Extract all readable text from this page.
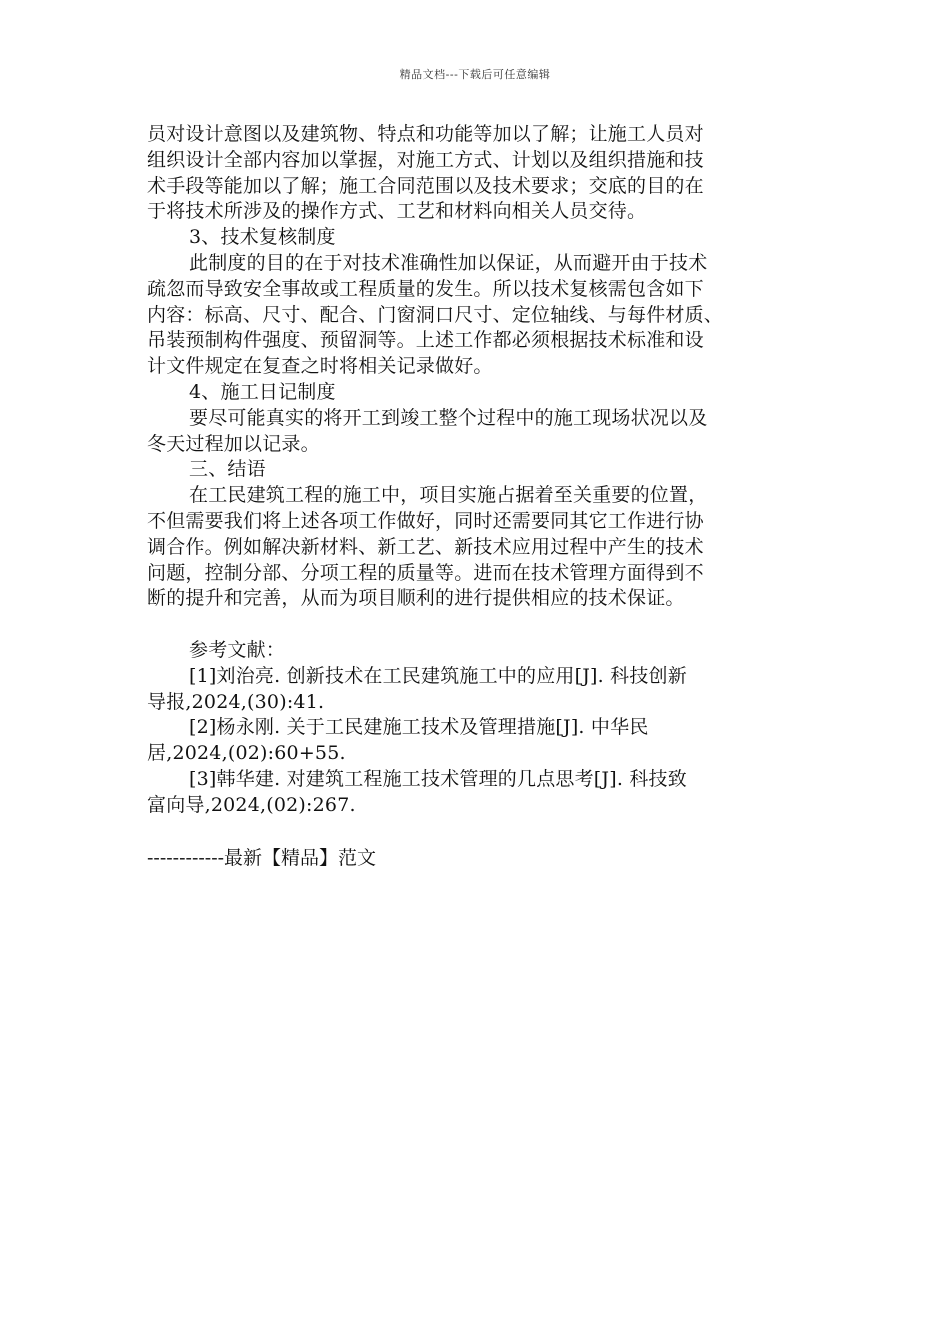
精品文档---下载后可任意编辑
员对设计意图以及建筑物、特点和功能等加以了解；让施工人员对
组织设计全部内容加以掌握，对施工方式、计划以及组织措施和技
术手段等能加以了解；施工合同范围以及技术要求；交底的目的在
于将技术所涉及的操作方式、工艺和材料向相关人员交待。
3、技术复核制度
此制度的目的在于对技术准确性加以保证，从而避开由于技术
疏忽而导致安全事故或工程质量的发生。所以技术复核需包含如下
内容：标高、尺寸、配合、门窗洞口尺寸、定位轴线、与每件材质、
吊装预制构件强度、预留洞等。上述工作都必须根据技术标准和设
计文件规定在复查之时将相关记录做好。
4、施工日记制度
要尽可能真实的将开工到竣工整个过程中的施工现场状况以及
冬天过程加以记录。
三、结语
在工民建筑工程的施工中，项目实施占据着至关重要的位置，
不但需要我们将上述各项工作做好，同时还需要同其它工作进行协
调合作。例如解决新材料、新工艺、新技术应用过程中产生的技术
问题，控制分部、分项工程的质量等。进而在技术管理方面得到不
断的提升和完善，从而为项目顺利的进行提供相应的技术保证。
参考文献：
[1]刘治亮. 创新技术在工民建筑施工中的应用[J]. 科技创新
导报,2024,(30):41.
[2]杨永刚. 关于工民建施工技术及管理措施[J]. 中华民
居,2024,(02):60+55.
[3]韩华建. 对建筑工程施工技术管理的几点思考[J]. 科技致
富向导,2024,(02):267.
------------最新【精品】范文
